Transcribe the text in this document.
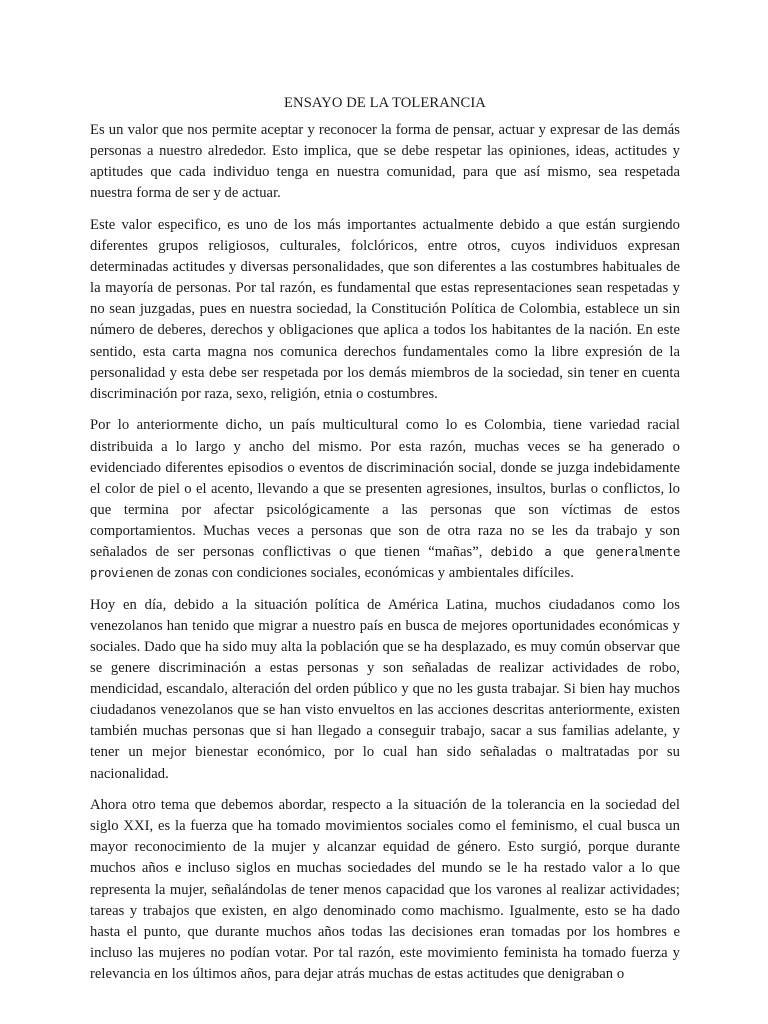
ENSAYO DE LA TOLERANCIA

Es un valor que nos permite aceptar y reconocer la forma de pensar, actuar y expresar de las demás personas a nuestro alrededor. Esto implica, que se debe respetar las opiniones, ideas, actitudes y aptitudes que cada individuo tenga en nuestra comunidad, para que así mismo, sea respetada nuestra forma de ser y de actuar.

Este valor especifico, es uno de los más importantes actualmente debido a que están surgiendo diferentes grupos religiosos, culturales, folclóricos, entre otros, cuyos individuos expresan determinadas actitudes y diversas personalidades, que son diferentes a las costumbres habituales de la mayoría de personas. Por tal razón, es fundamental que estas representaciones sean respetadas y no sean juzgadas, pues en nuestra sociedad, la Constitución Política de Colombia, establece un sin número de deberes, derechos y obligaciones que aplica a todos los habitantes de la nación. En este sentido, esta carta magna nos comunica derechos fundamentales como la libre expresión de la personalidad y esta debe ser respetada por los demás miembros de la sociedad, sin tener en cuenta discriminación por raza, sexo, religión, etnia o costumbres.

Por lo anteriormente dicho, un país multicultural como lo es Colombia, tiene variedad racial distribuida a lo largo y ancho del mismo. Por esta razón, muchas veces se ha generado o evidenciado diferentes episodios o eventos de discriminación social, donde se juzga indebidamente el color de piel o el acento, llevando a que se presenten agresiones, insultos, burlas o conflictos, lo que termina por afectar psicológicamente a las personas que son víctimas de estos comportamientos. Muchas veces a personas que son de otra raza no se les da trabajo y son señalados de ser personas conflictivas o que tienen “mañas”, debido a que generalmente provienen de zonas con condiciones sociales, económicas y ambientales difíciles.

Hoy en día, debido a la situación política de América Latina, muchos ciudadanos como los venezolanos han tenido que migrar a nuestro país en busca de mejores oportunidades económicas y sociales. Dado que ha sido muy alta la población que se ha desplazado, es muy común observar que se genere discriminación a estas personas y son señaladas de realizar actividades de robo, mendicidad, escandalo, alteración del orden público y que no les gusta trabajar. Si bien hay muchos ciudadanos venezolanos que se han visto envueltos en las acciones descritas anteriormente, existen también muchas personas que si han llegado a conseguir trabajo, sacar a sus familias adelante, y tener un mejor bienestar económico, por lo cual han sido señaladas o maltratadas por su nacionalidad.

Ahora otro tema que debemos abordar, respecto a la situación de la tolerancia en la sociedad del siglo XXI, es la fuerza que ha tomado movimientos sociales como el feminismo, el cual busca un mayor reconocimiento de la mujer y alcanzar equidad de género. Esto surgió, porque durante muchos años e incluso siglos en muchas sociedades del mundo se le ha restado valor a lo que representa la mujer, señalándolas de tener menos capacidad que los varones al realizar actividades; tareas y trabajos que existen, en algo denominado como machismo. Igualmente, esto se ha dado hasta el punto, que durante muchos años todas las decisiones eran tomadas por los hombres e incluso las mujeres no podían votar. Por tal razón, este movimiento feminista ha tomado fuerza y relevancia en los últimos años, para dejar atrás muchas de estas actitudes que denigraban o
